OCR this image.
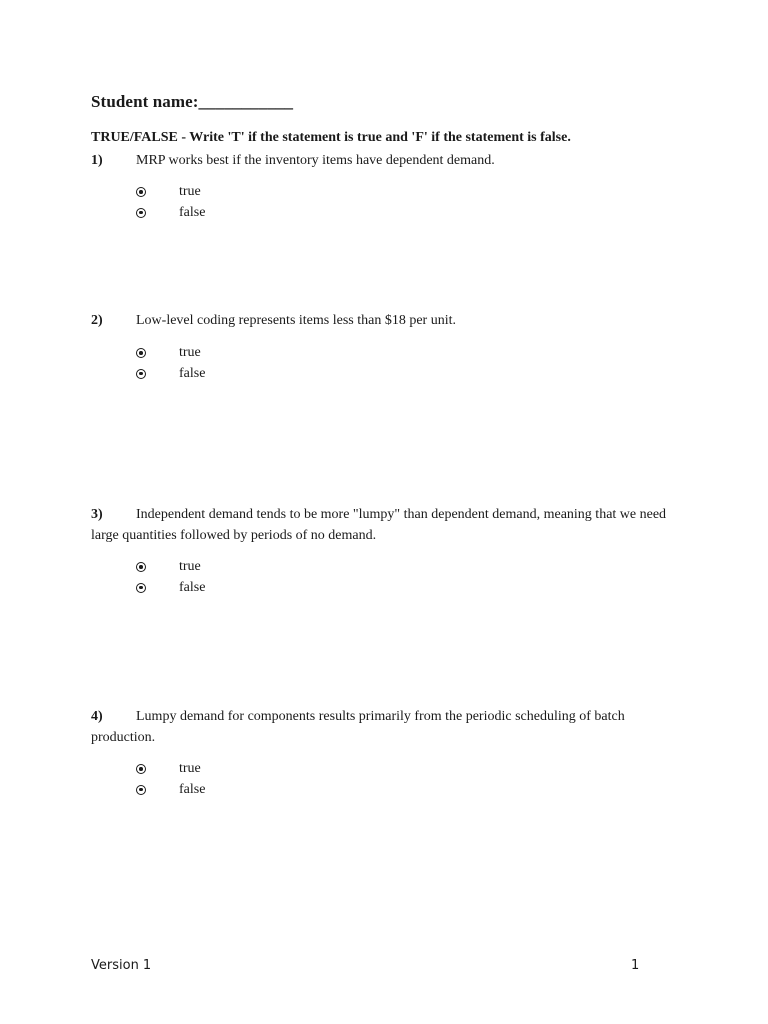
Student name:___________
TRUE/FALSE - Write 'T' if the statement is true and 'F' if the statement is false.
1) MRP works best if the inventory items have dependent demand.
true
false
2) Low-level coding represents items less than $18 per unit.
true
false
3) Independent demand tends to be more "lumpy" than dependent demand, meaning that we need large quantities followed by periods of no demand.
true
false
4) Lumpy demand for components results primarily from the periodic scheduling of batch production.
true
false
Version 1	1
